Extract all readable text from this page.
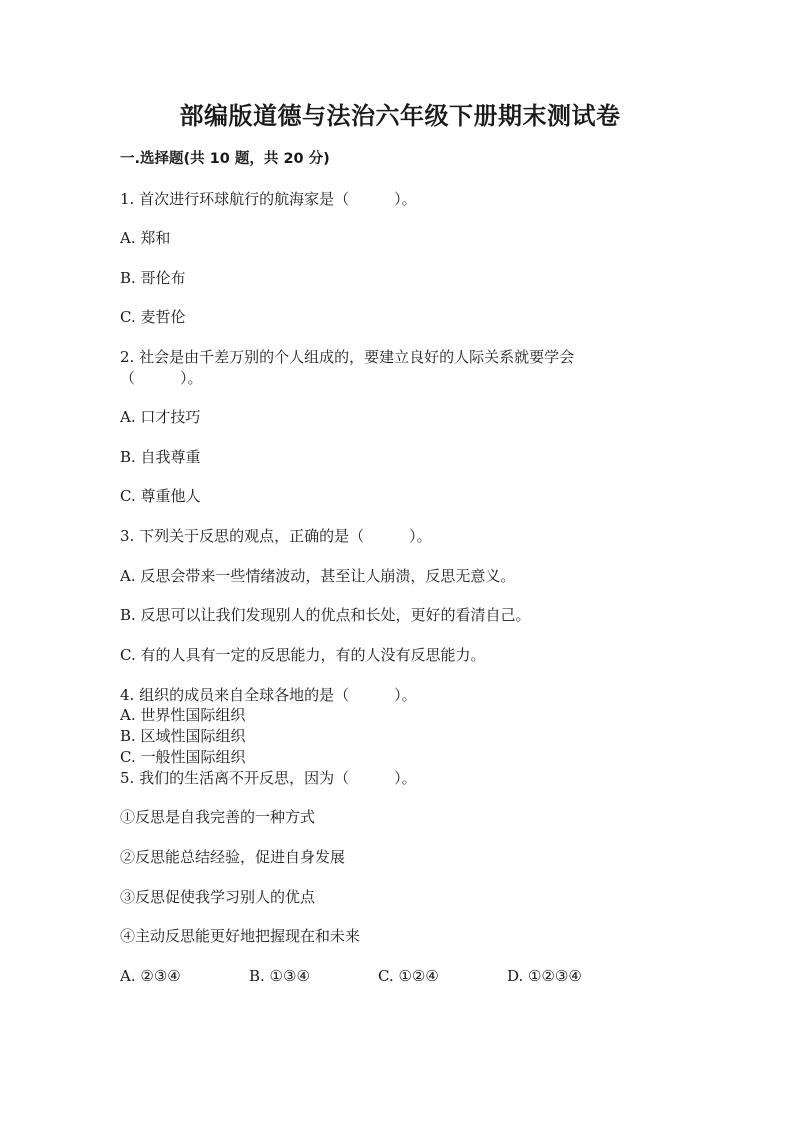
部编版道德与法治六年级下册期末测试卷
一.选择题(共 10 题，共 20 分)
1. 首次进行环球航行的航海家是（　　　）。
A. 郑和
B. 哥伦布
C. 麦哲伦
2. 社会是由千差万别的个人组成的，要建立良好的人际关系就要学会
（　　　）。
A. 口才技巧
B. 自我尊重
C. 尊重他人
3. 下列关于反思的观点，正确的是（　　　）。
A. 反思会带来一些情绪波动，甚至让人崩溃，反思无意义。
B. 反思可以让我们发现别人的优点和长处，更好的看清自己。
C. 有的人具有一定的反思能力，有的人没有反思能力。
4. 组织的成员来自全球各地的是（　　　）。
A. 世界性国际组织
B. 区域性国际组织
C. 一般性国际组织
5. 我们的生活离不开反思，因为（　　　）。
①反思是自我完善的一种方式
②反思能总结经验，促进自身发展
③反思促使我学习别人的优点
④主动反思能更好地把握现在和未来
A. ②③④	B. ①③④	C. ①②④	D. ①②③④
